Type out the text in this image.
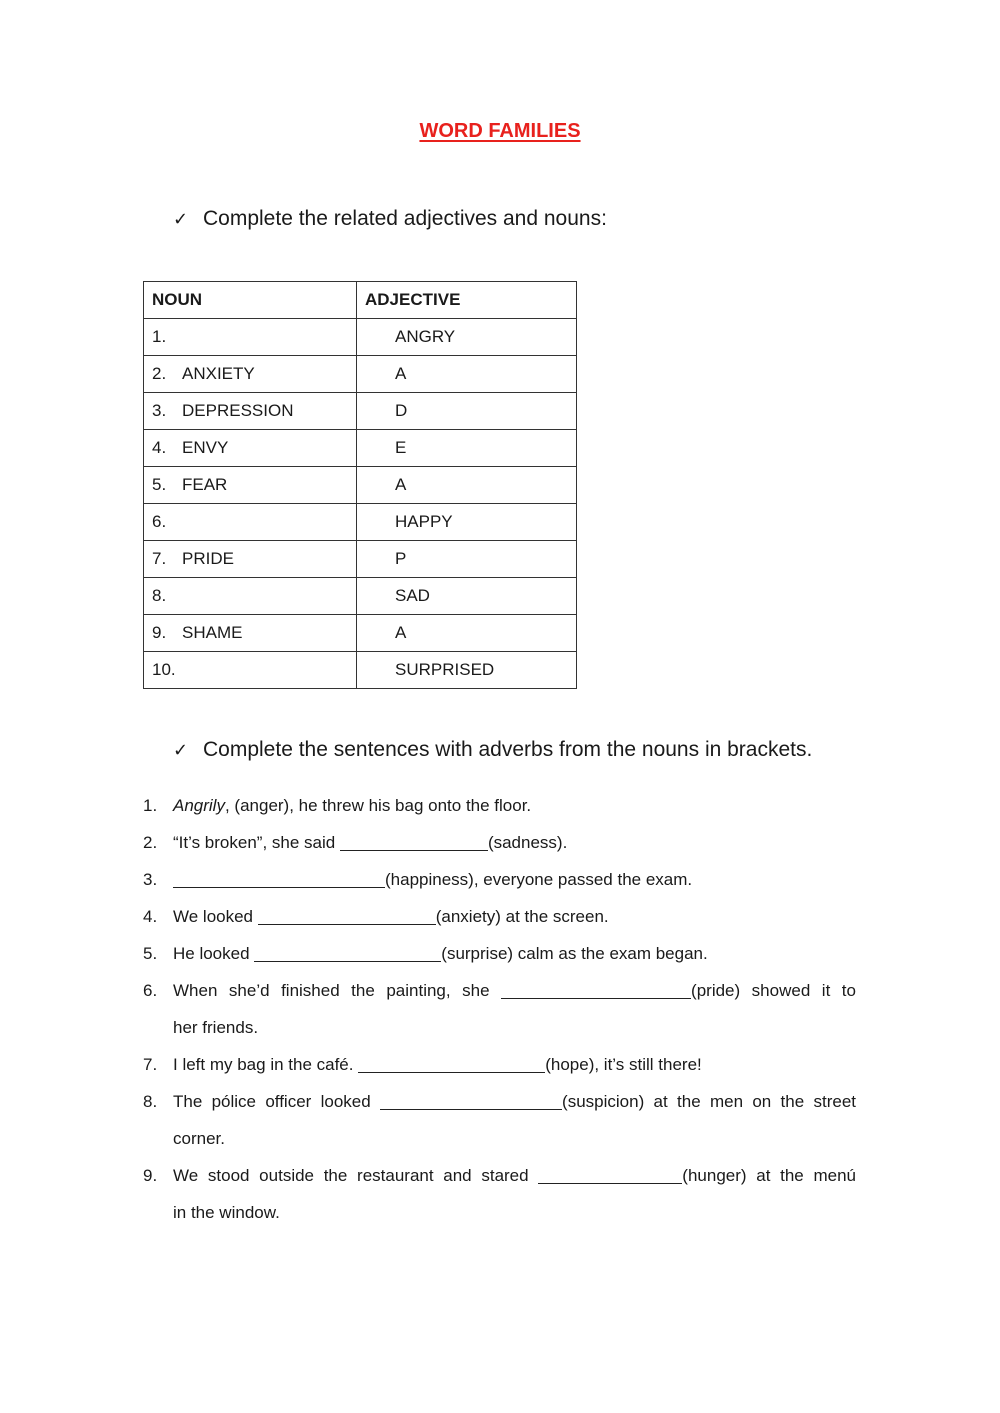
WORD FAMILIES
✓ Complete the related adjectives and nouns:
NOUN	ADJECTIVE
1.	ANGRY
2. ANXIETY	A
3. DEPRESSION	D
4. ENVY	E
5. FEAR	A
6.	HAPPY
7. PRIDE	P
8.	SAD
9. SHAME	A
10.	SURPRISED
✓ Complete the sentences with adverbs from the nouns in brackets.
1. Angrily, (anger), he threw his bag onto the floor.
2. “It’s broken”, she said	(sadness).
3.	(happiness), everyone passed the exam.
4. We looked	(anxiety) at the screen.
5. He looked	(surprise) calm as the exam began.
6. When she’d finished the painting, she	(pride) showed it to
her friends.
7. I left my bag in the café.	(hope), it’s still there!
8. The pólice officer looked	(suspicion) at the men on the street
corner.
9. We stood outside the restaurant and stared	(hunger) at the menú
in the window.
